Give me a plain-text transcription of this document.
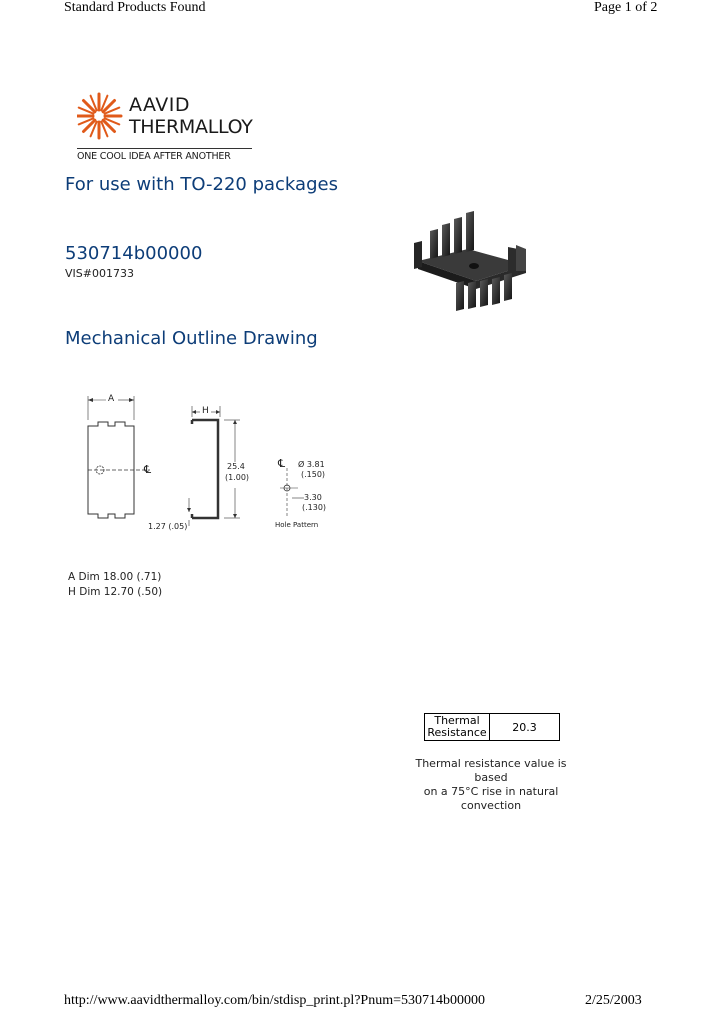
Standard Products Found	Page 1 of 2
AAVID
THERMALLOY
ONE COOL IDEA AFTER ANOTHER
For use with TO-220 packages
530714b00000
VIS#001733
Mechanical Outline Drawing
A
H
℄	25.4
(1.00)
1.27 (.05)
℄ Ø 3.81
(.150)
3.30
(.130)
Hole Pattern
A Dim 18.00 (.71)
H Dim 12.70 (.50)
Thermal
Resistance	20.3
Thermal resistance value is based
on a 75°C rise in natural
convection
http://www.aavidthermalloy.com/bin/stdisp_print.pl?Pnum=530714b00000	2/25/2003
